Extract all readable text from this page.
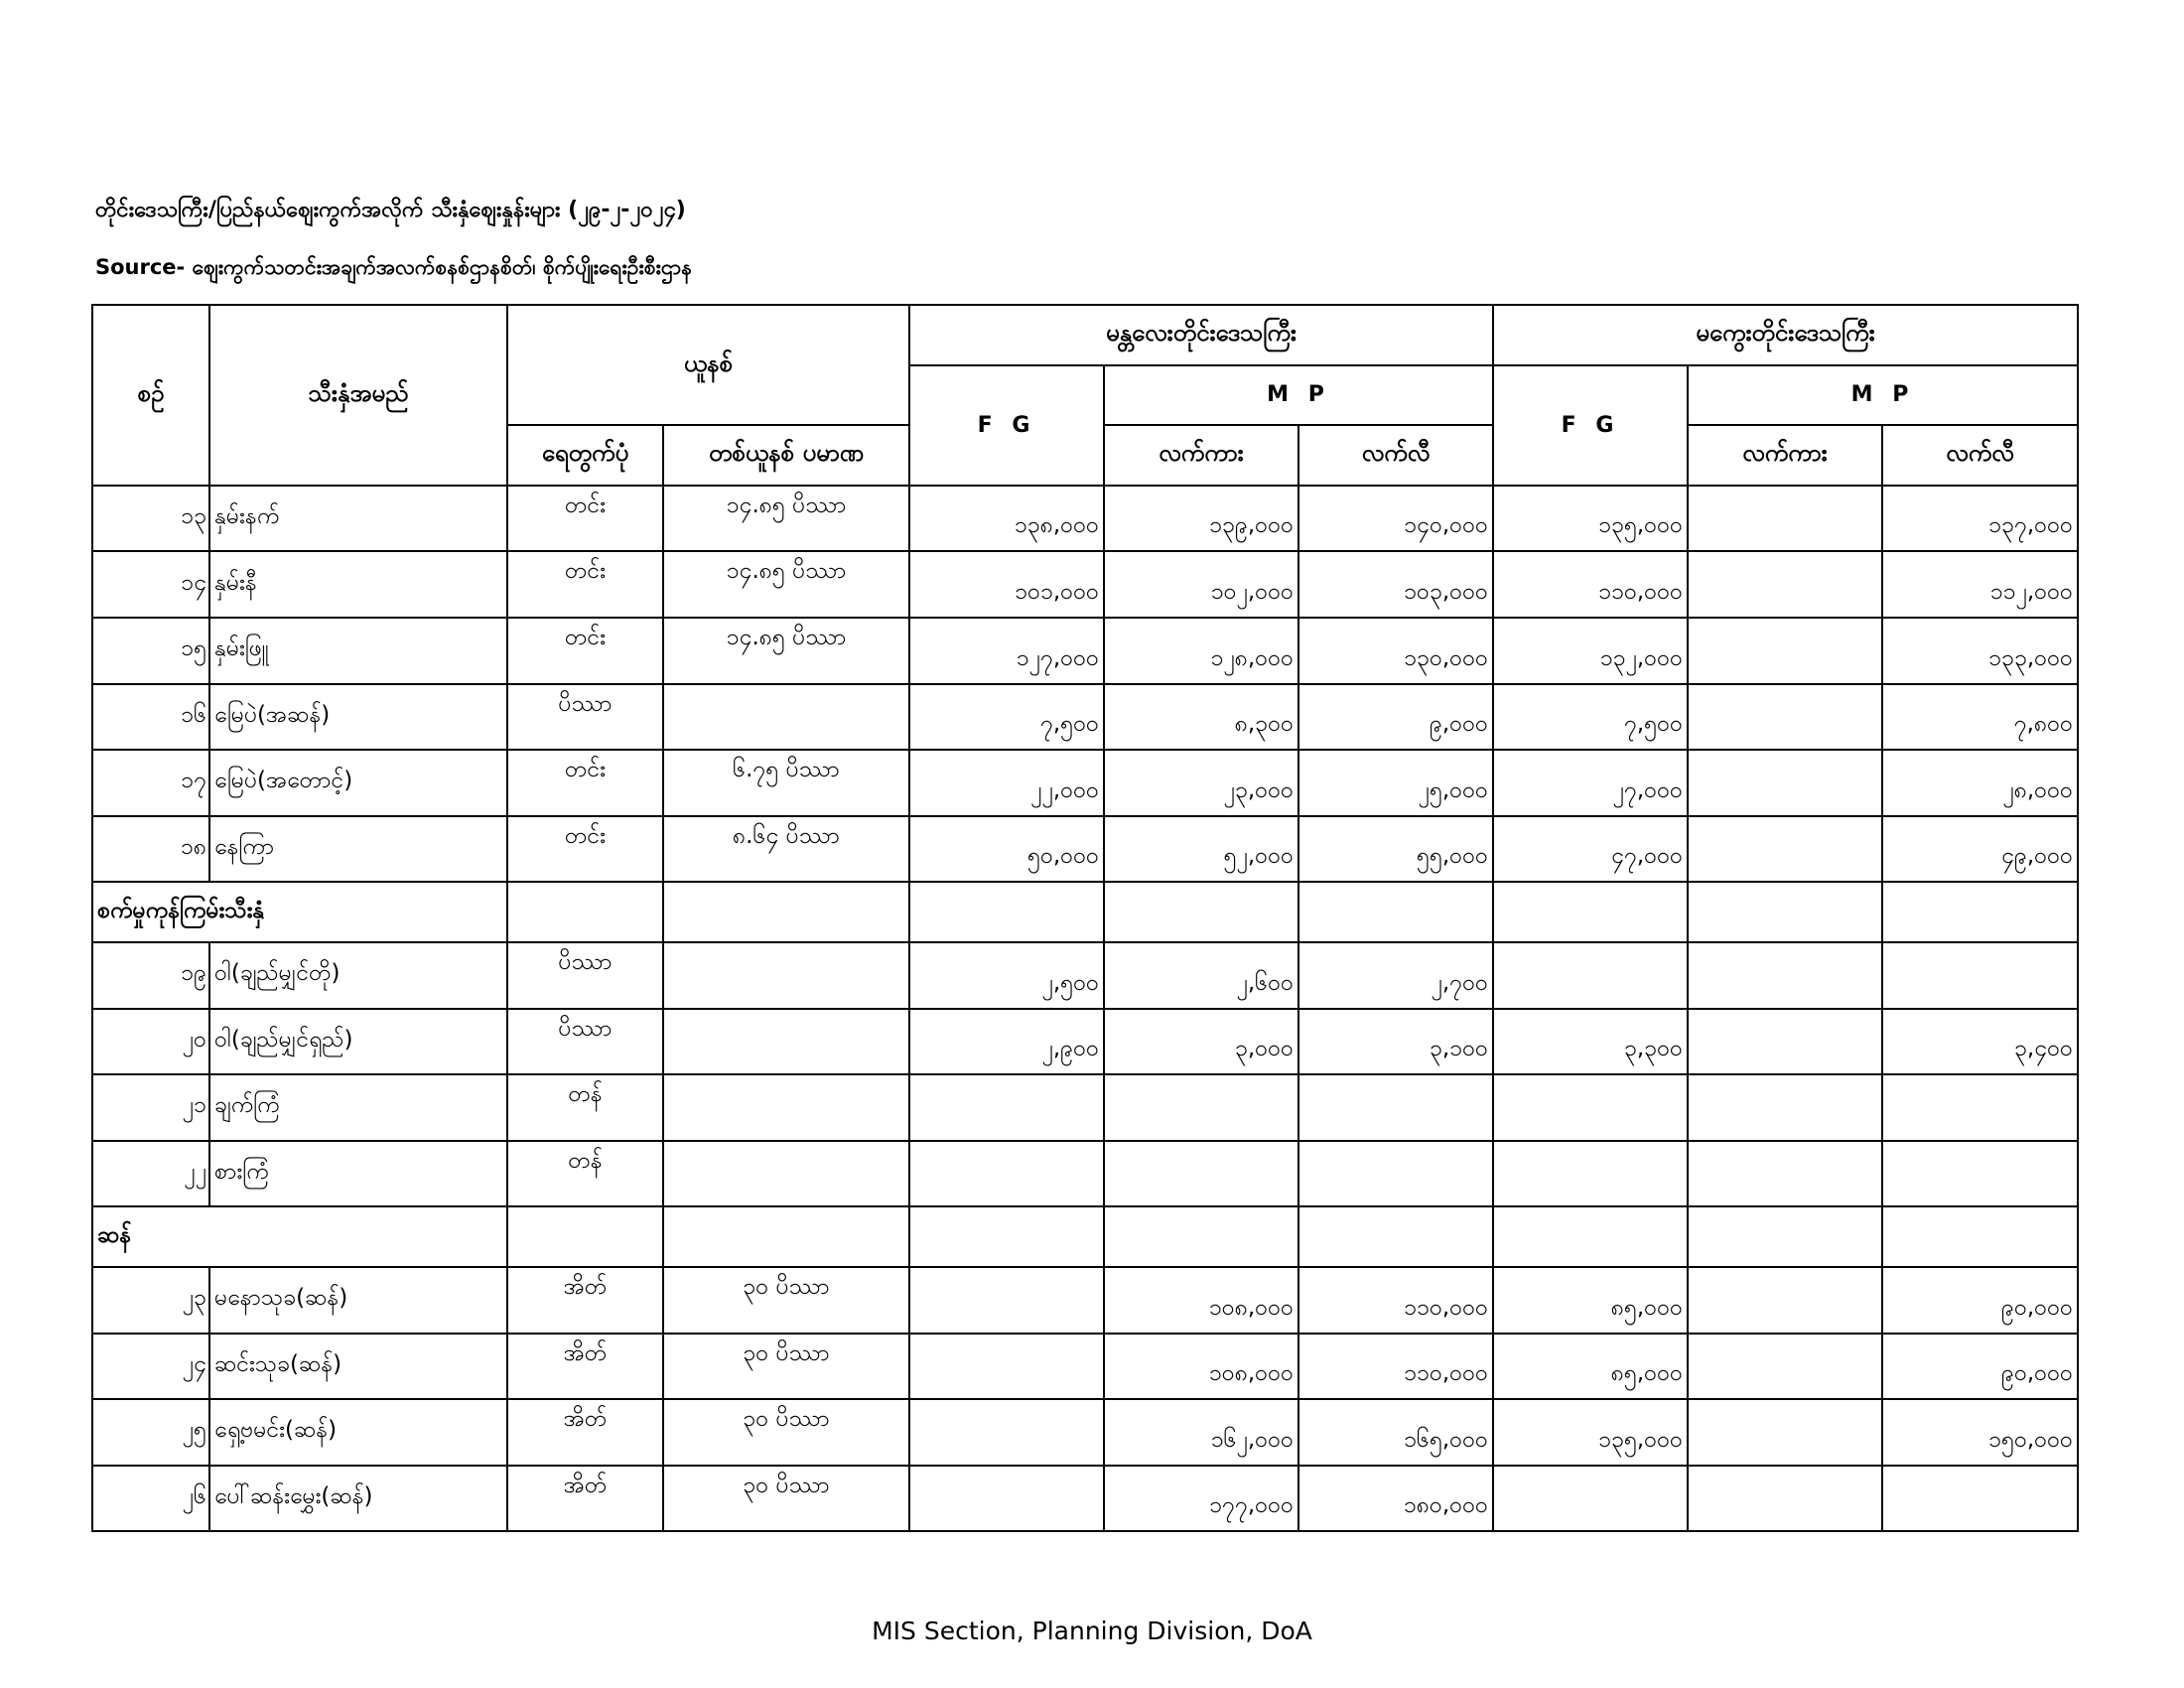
တိုင်းဒေသကြီး/ပြည်နယ်ဈေးကွက်အလိုက် သီးနှံဈေးနှုန်းများ (၂၉-၂-၂၀၂၄)
Source- ဈေးကွက်သတင်းအချက်အလက်စနစ်ဌာနစိတ်၊ စိုက်ပျိုးရေးဦးစီးဌာန
စဉ်	သီးနှံအမည်	ယူနစ်		မန္တလေးတိုင်းဒေသကြီး			မကွေးတိုင်းဒေသကြီး		
				F G	M P		F G	M P	
		ရေတွက်ပုံ	တစ်ယူနစ် ပမာဏ		လက်ကား	လက်လီ		လက်ကား	လက်လီ
၁၃	နှမ်းနက်	တင်း	၁၄.၈၅ ပိဿာ	၁၃၈,၀၀၀	၁၃၉,၀၀၀	၁၄၀,၀၀၀	၁၃၅,၀၀၀		၁၃၇,၀၀၀
၁၄	နှမ်းနီ	တင်း	၁၄.၈၅ ပိဿာ	၁၀၁,၀၀၀	၁၀၂,၀၀၀	၁၀၃,၀၀၀	၁၁၀,၀၀၀		၁၁၂,၀၀၀
၁၅	နှမ်းဖြူ	တင်း	၁၄.၈၅ ပိဿာ	၁၂၇,၀၀၀	၁၂၈,၀၀၀	၁၃၀,၀၀၀	၁၃၂,၀၀၀		၁၃၃,၀၀၀
၁၆	မြေပဲ(အဆန်)	ပိဿာ		၇,၅၀၀	၈,၃၀၀	၉,၀၀၀	၇,၅၀၀		၇,၈၀၀
၁၇	မြေပဲ(အတောင့်)	တင်း	၆.၇၅ ပိဿာ	၂၂,၀၀၀	၂၃,၀၀၀	၂၅,၀၀၀	၂၇,၀၀၀		၂၈,၀၀၀
၁၈	နေကြာ	တင်း	၈.၆၄ ပိဿာ	၅၀,၀၀၀	၅၂,၀၀၀	၅၅,၀၀၀	၄၇,၀၀၀		၄၉,၀၀၀
စက်မှုကုန်ကြမ်းသီးနှံ									
၁၉	ဝါ(ချည်မျှင်တို)	ပိဿာ		၂,၅၀၀	၂,၆၀၀	၂,၇၀၀			
၂၀	ဝါ(ချည်မျှင်ရှည်)	ပိဿာ		၂,၉၀၀	၃,၀၀၀	၃,၁၀၀	၃,၃၀၀		၃,၄၀၀
၂၁	ချက်ကြံ	တန်							
၂၂	စားကြံ	တန်							
ဆန်									
၂၃	မနောသုခ(ဆန်)	အိတ်	၃၀ ပိဿာ		၁၀၈,၀၀၀	၁၁၀,၀၀၀	၈၅,၀၀၀		၉၀,၀၀၀
၂၄	ဆင်းသုခ(ဆန်)	အိတ်	၃၀ ပိဿာ		၁၀၈,၀၀၀	၁၁၀,၀၀၀	၈၅,၀၀၀		၉၀,၀၀၀
၂၅	ရှေ့ဗမင်း(ဆန်)	အိတ်	၃၀ ပိဿာ		၁၆၂,၀၀၀	၁၆၅,၀၀၀	၁၃၅,၀၀၀		၁၅၀,၀၀၀
၂၆	ပေါ်ဆန်းမွှေး(ဆန်)	အိတ်	၃၀ ပိဿာ		၁၇၇,၀၀၀	၁၈၀,၀၀၀			
MIS Section, Planning Division, DoA
